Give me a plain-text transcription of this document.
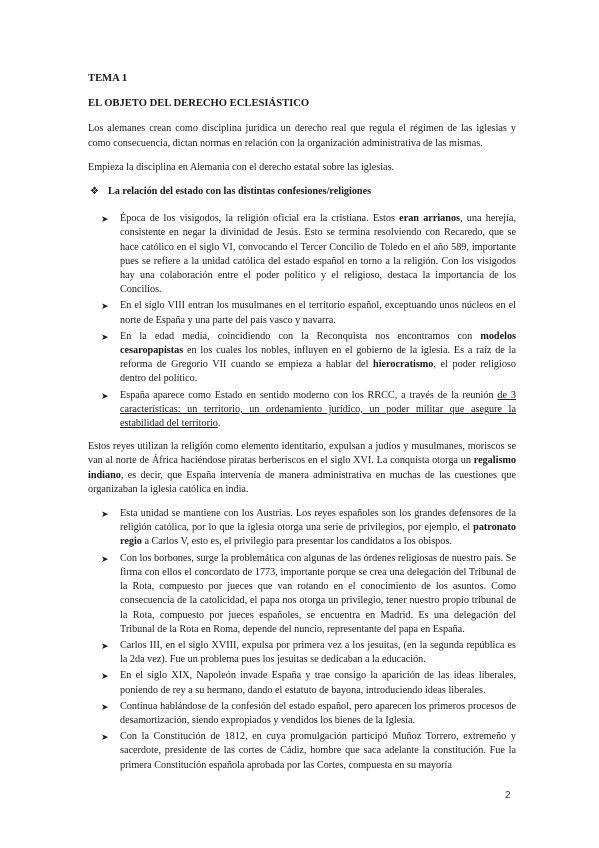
TEMA 1
EL OBJETO DEL DERECHO ECLESIÁSTICO

Los alemanes crean como disciplina jurídica un derecho real que regula el régimen de las iglesias y como consecuencia, dictan normas en relación con la organización administrativa de las mismas.

Empieza la disciplina en Alemania con el derecho estatal sobre las iglesias.

❖ La relación del estado con las distintas confesiones/religiones
➤ Época de los visigodos, la religión oficial era la cristiana. Estos eran arrianos, una herejía, consistente en negar la divinidad de Jesús. Esto se termina resolviendo con Recaredo, que se hace católico en el siglo VI, convocando el Tercer Concilio de Toledo en el año 589, importante pues se refiere a la unidad católica del estado español en torno a la religión. Con los visigodos hay una colaboración entre el poder político y el religioso, destaca la importancia de los Concilios.
➤ En el siglo VIII entran los musulmanes en el territorio español, exceptuando unos núcleos en el norte de España y una parte del país vasco y navarra.
➤ En la edad media, coincidiendo con la Reconquista nos encontramos con modelos cesaropapistas en los cuales los nobles, influyen en el gobierno de la iglesia. Es a raíz de la reforma de Gregorio VII cuando se empieza a hablar del hierocratismo, el poder religioso dentro del político.
➤ España aparece como Estado en sentido moderno con los RRCC, a través de la reunión de 3 características: un territorio, un ordenamiento jurídico, un poder militar que asegure la estabilidad del territorio.

Estos reyes utilizan la religión como elemento identitario, expulsan a judíos y musulmanes, moriscos se van al norte de África haciéndose piratas berberiscos en el siglo XVI. La conquista otorga un regalismo indiano, es decir, que España intervenía de manera administrativa en muchas de las cuestiones que organizaban la iglesia católica en india.

➤ Esta unidad se mantiene con los Austrias. Los reyes españoles son los grandes defensores de la religión católica, por lo que la iglesia otorga una serie de privilegios, por ejemplo, el patronato regio a Carlos V, esto es, el privilegio para presentar los candidatos a los obispos.
➤ Con los borbones, surge la problemática con algunas de las órdenes religiosas de nuestro país. Se firma con ellos el concordato de 1773, importante porque se crea una delegación del Tribunal de la Rota, compuesto por jueces que van rotando en el conocimiento de los asuntos. Como consecuencia de la catolicidad, el papa nos otorga un privilegio, tener nuestro propio tribunal de la Rota, compuesto por jueces españoles, se encuentra en Madrid. Es una delegación del Tribunal de la Rota en Roma, depende del nuncio, representante del papa en España.
➤ Carlos III, en el siglo XVIII, expulsa por primera vez a los jesuitas, (en la segunda república es la 2da vez). Fue un problema pues los jesuitas se dedicaban a la educación.
➤ En el siglo XIX, Napoleón invade España y trae consigo la aparición de las ideas liberales, poniendo de rey a su hermano, dando el estatuto de bayona, introduciendo ideas liberales.
➤ Continua hablándose de la confesión del estado español, pero aparecen los primeros procesos de desamortización, siendo expropiados y vendidos los bienes de la Iglesia.
➤ Con la Constitución de 1812, en cuya promulgación participó Muñoz Torrero, extremeño y sacerdote, presidente de las cortes de Cádiz, hombre que saca adelante la constitución. Fue la primera Constitución española aprobada por las Cortes, compuesta en su mayoría
2
